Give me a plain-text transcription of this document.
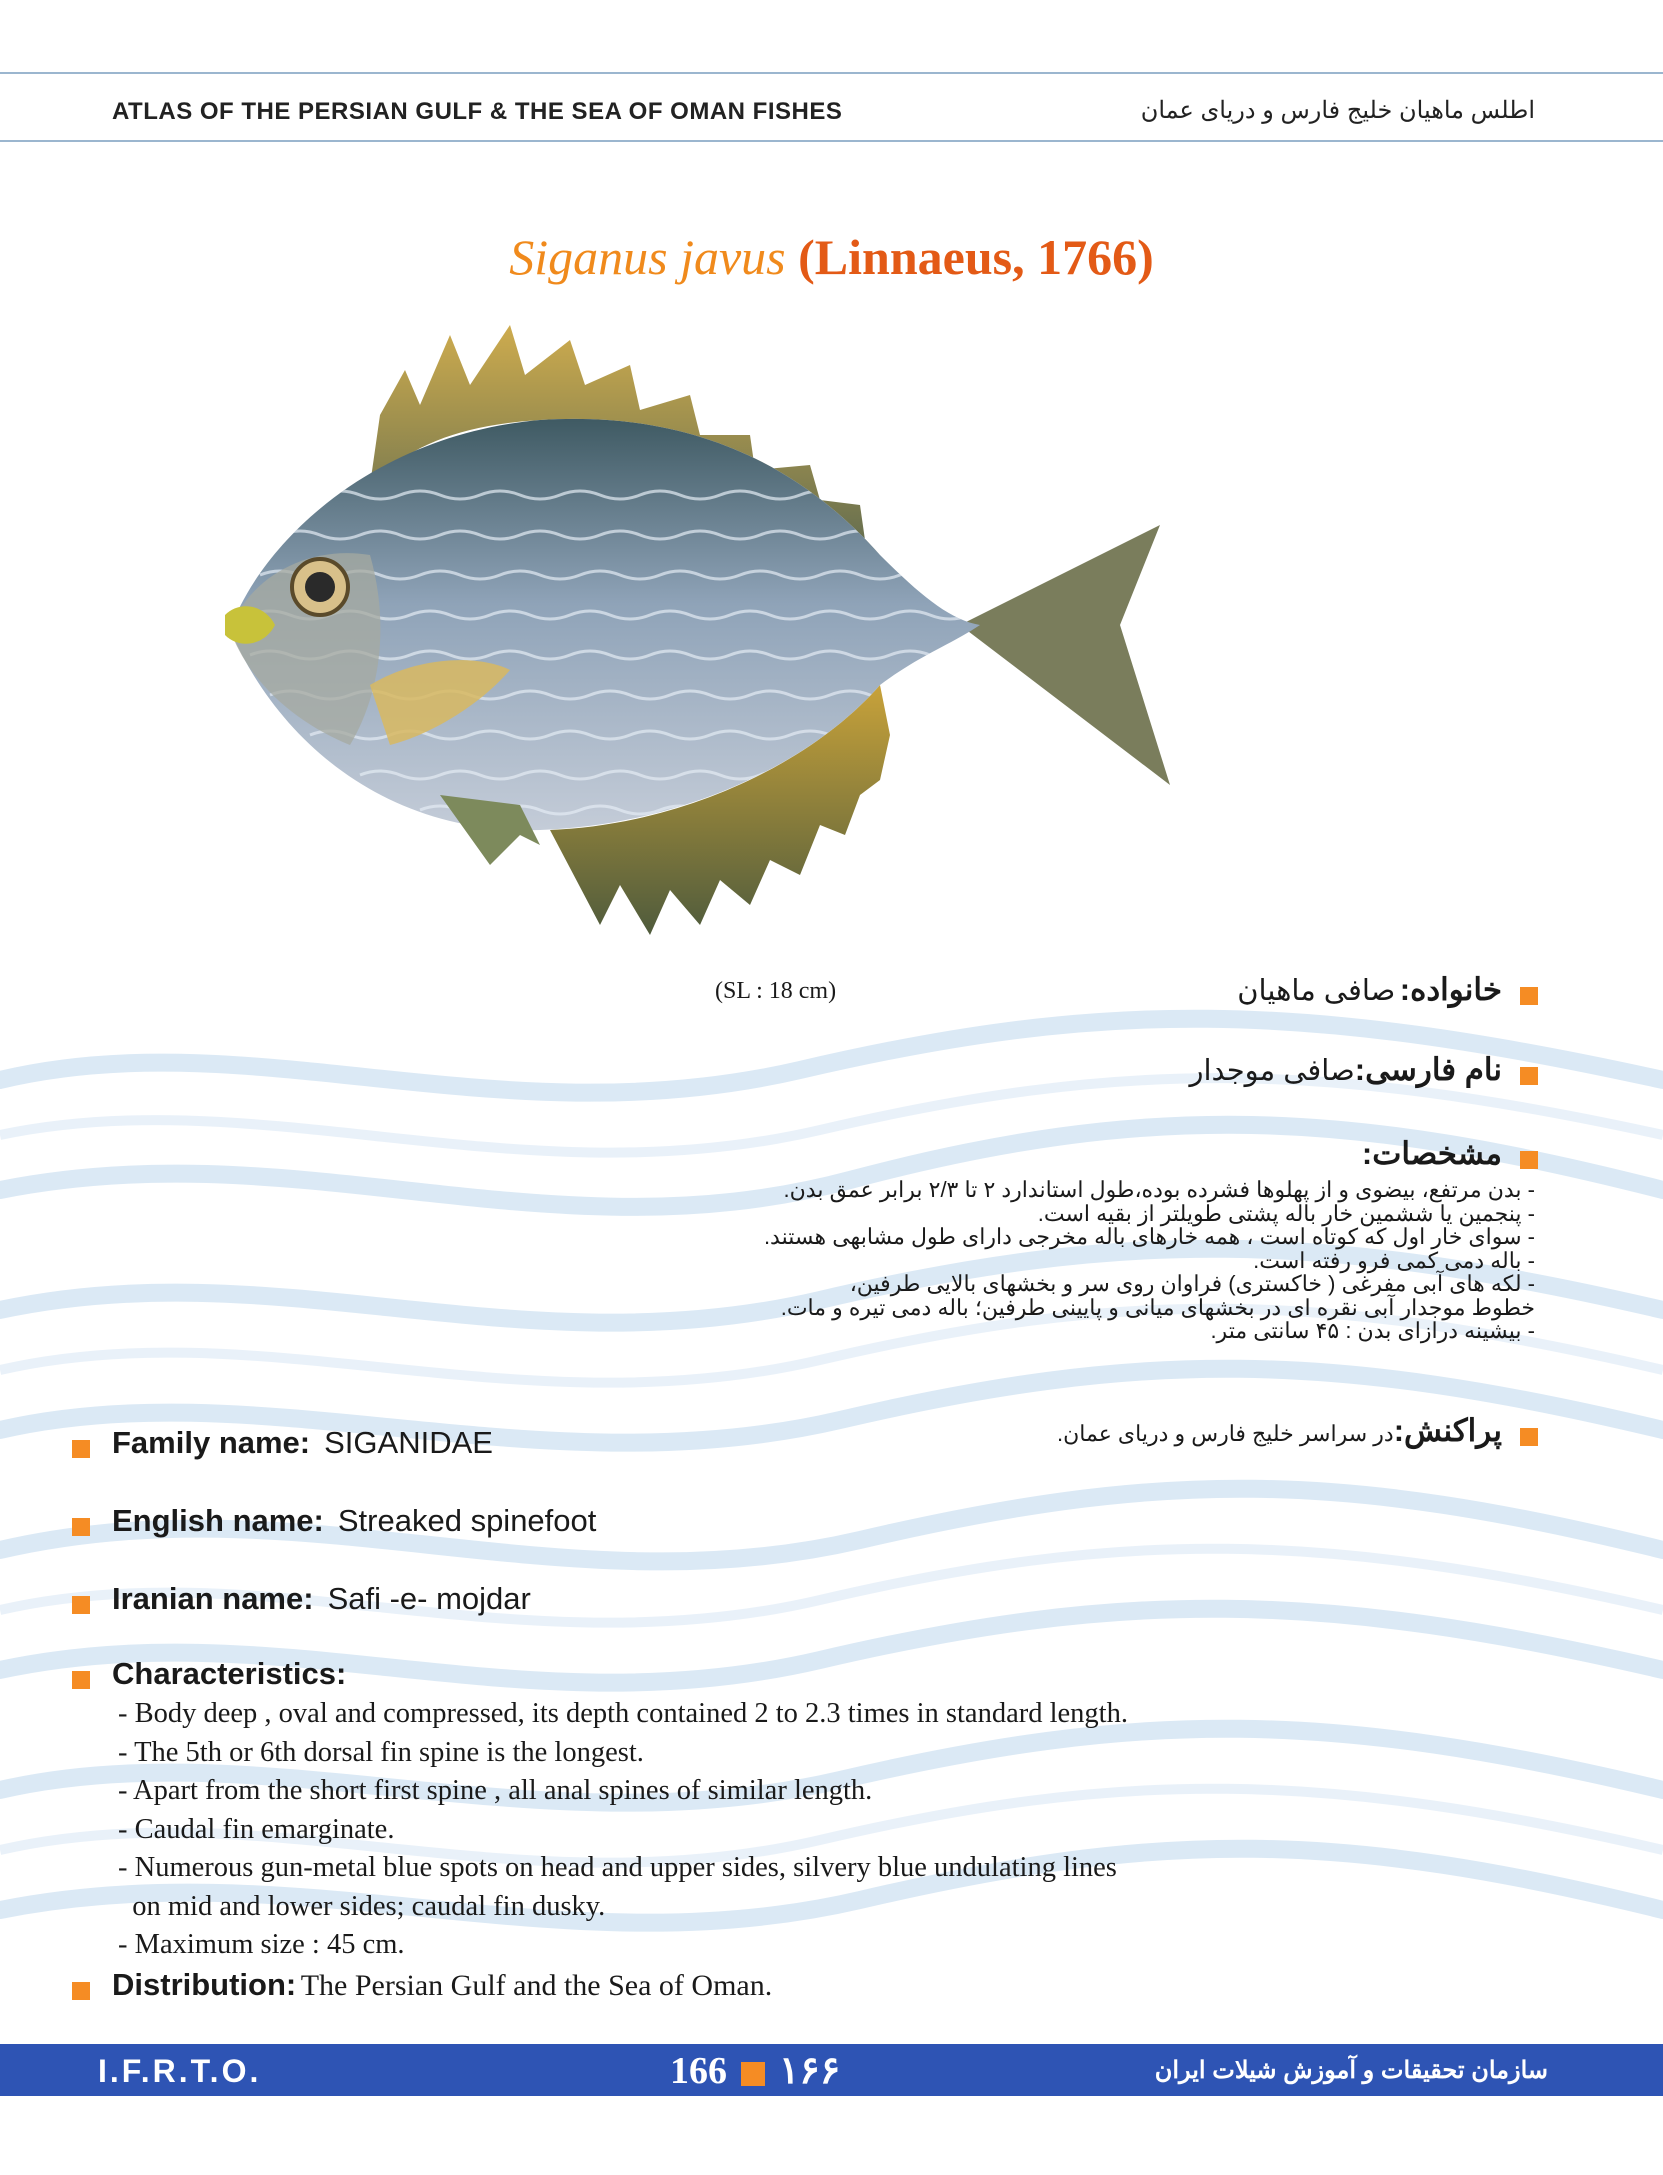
ATLAS OF THE PERSIAN GULF & THE SEA OF OMAN FISHES	اطلس ماهیان خلیج فارس و دریای عمان
Siganus javus (Linnaeus, 1766)
(SL : 18 cm)	خانواده: صافی ماهیان
نام فارسی:صافی موجدار
مشخصات:
- بدن مرتفع، بیضوی و از پهلوها فشرده بوده،طول استاندارد ۲ تا ۲/۳ برابر عمق بدن.
- پنجمین یا ششمین خار باله پشتی طویلتر از بقیه است.
- سوای خار اول که کوتاه است ، همه خارهای باله مخرجی دارای طول مشابهی هستند.
- باله دمی کمی فرو رفته است.
- لکه های آبی مفرغی ( خاکستری) فراوان روی سر و بخشهای بالایی طرفین،
خطوط موجدار آبی نقره ای در بخشهای میانی و پایینی طرفین؛ باله دمی تیره و مات.
- بیشینه درازای بدن : ۴۵ سانتی متر.
پراکنش:در سراسر خلیج فارس و دریای عمان.
Family name: SIGANIDAE
English name: Streaked spinefoot
Iranian name: Safi -e- mojdar
Characteristics:
- Body deep , oval and compressed, its depth contained 2 to 2.3 times in standard length.
- The 5th or 6th dorsal fin spine is the longest.
- Apart from the short first spine , all anal spines of similar length.
- Caudal fin emarginate.
- Numerous gun-metal blue spots on head and upper sides, silvery blue undulating lines
on mid and lower sides; caudal fin dusky.
- Maximum size : 45 cm.
Distribution: The Persian Gulf and the Sea of Oman.
I.F.R.T.O.	166 ۱۶۶	سازمان تحقیقات و آموزش شیلات ایران
